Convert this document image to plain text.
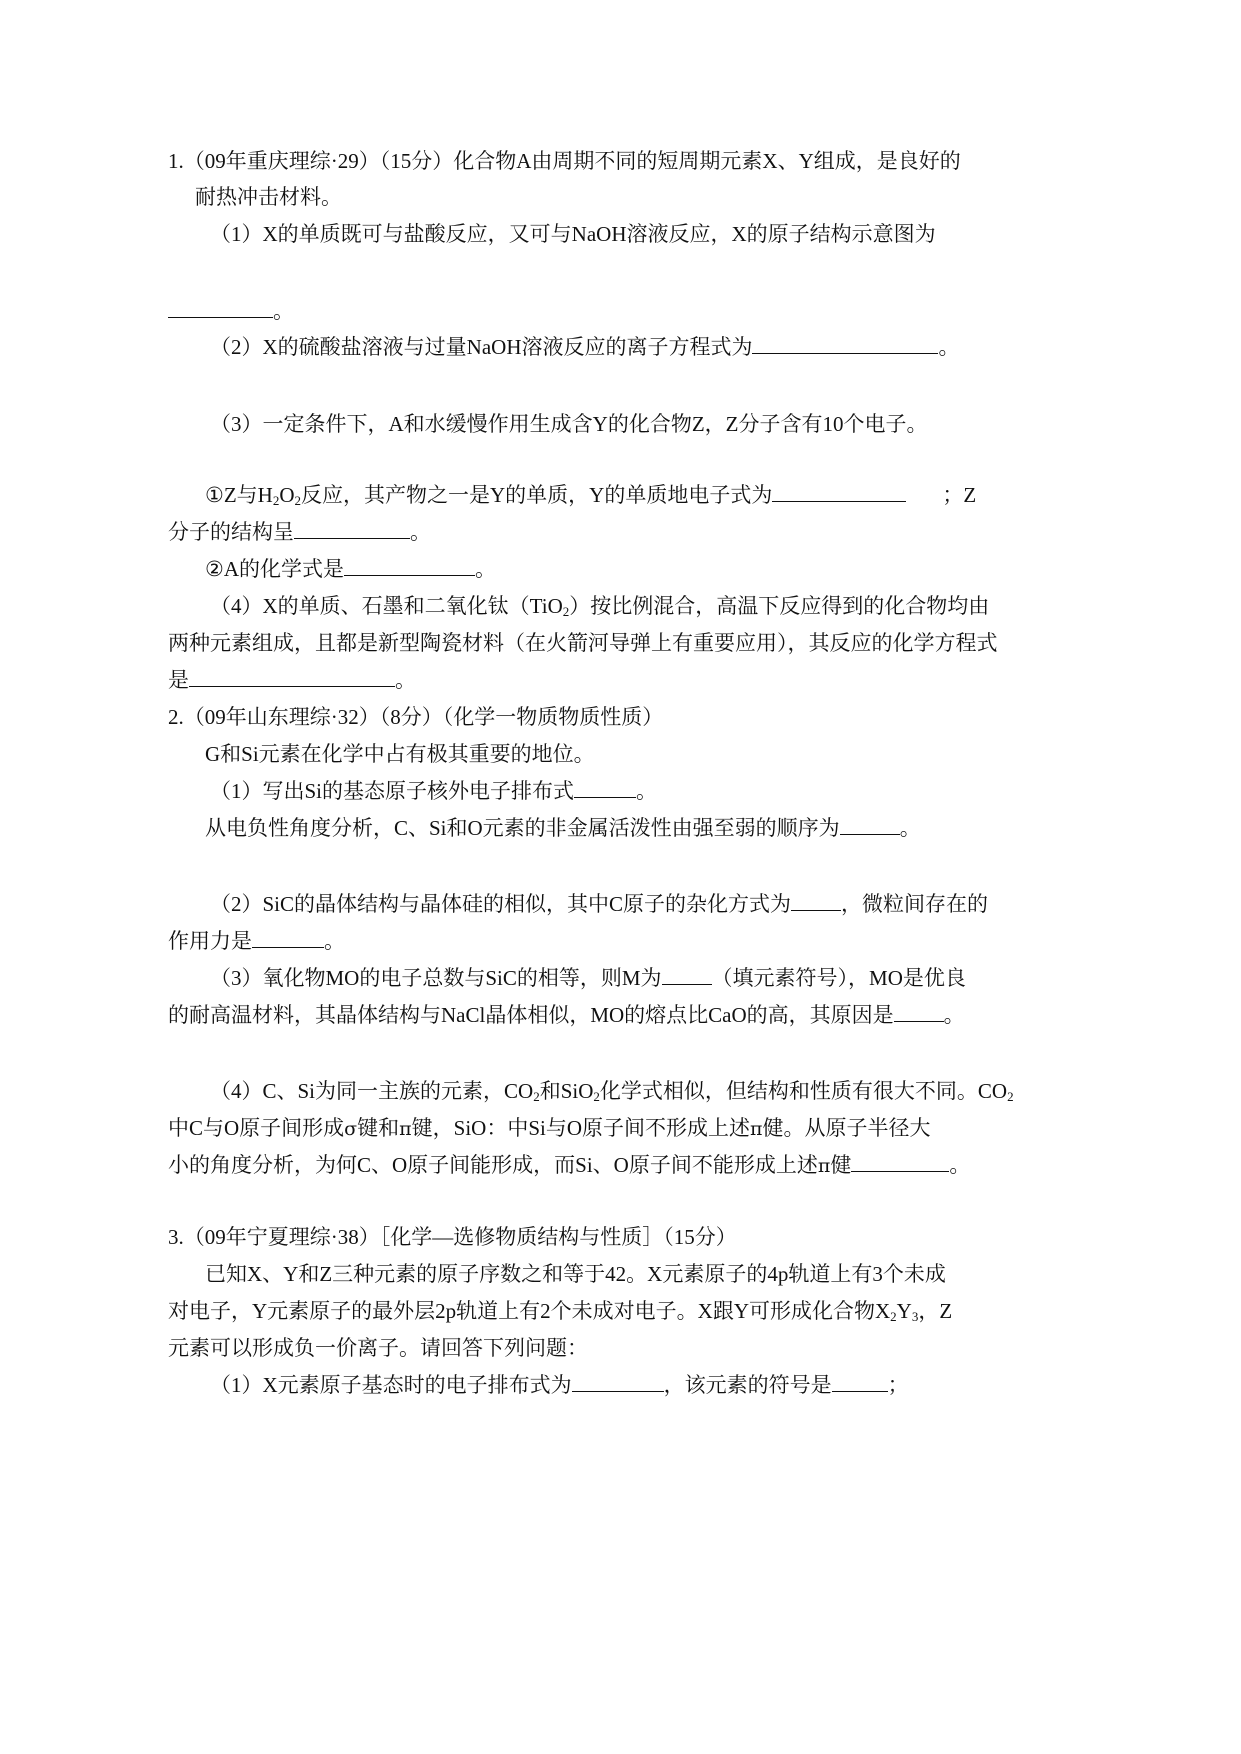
1.（09年重庆理综·29）（15分）化合物A由周期不同的短周期元素X、Y组成，是良好的
耐热冲击材料。
（1）X的单质既可与盐酸反应，又可与NaOH溶液反应，X的原子结构示意图为
。
（2）X的硫酸盐溶液与过量NaOH溶液反应的离子方程式为	。
（3）一定条件下，A和水缓慢作用生成含Y的化合物Z，Z分子含有10个电子。
①Z与$H_2O_2$反应，其产物之一是Y的单质，Y的单质地电子式为	；Z
分子的结构呈	。
②A的化学式是	。
（4）X的单质、石墨和二氧化钛（TiO$_2$）按比例混合，高温下反应得到的化合物均由
两种元素组成，且都是新型陶瓷材料（在火箭河导弹上有重要应用），其反应的化学方程式
是	。
2.（09年山东理综·32）（8分）（化学一物质物质性质）
G和Si元素在化学中占有极其重要的地位。
（1）写出Si的基态原子核外电子排布式	。
从电负性角度分析，C、Si和O元素的非金属活泼性由强至弱的顺序为	。
（2）SiC的晶体结构与晶体硅的相似，其中C原子的杂化方式为 ，微粒间存在的
作用力是	。
（3）氧化物MO的电子总数与SiC的相等，则M为 （填元素符号），MO是优良
的耐高温材料，其晶体结构与NaCl晶体相似，MO的熔点比CaO的高，其原因是 。
（4）C、Si为同一主族的元素，$CO_2$和SiO$_2$化学式相似，但结构和性质有很大不同。$CO_2$
中C与O原子间形成σ键和π键，SiO：中Si与O原子间不形成上述π健。从原子半径大
小的角度分析，为何C、O原子间能形成，而Si、O原子间不能形成上述π健	。
3.（09年宁夏理综·38）［化学—选修物质结构与性质］（15分）
已知X、Y和Z三种元素的原子序数之和等于42。X元素原子的4p轨道上有3个未成
对电子，Y元素原子的最外层2p轨道上有2个未成对电子。X跟Y可形成化合物$X_2Y_3$，Z
元素可以形成负一价离子。请回答下列问题：
（1）X元素原子基态时的电子排布式为	，该元素的符号是	；
